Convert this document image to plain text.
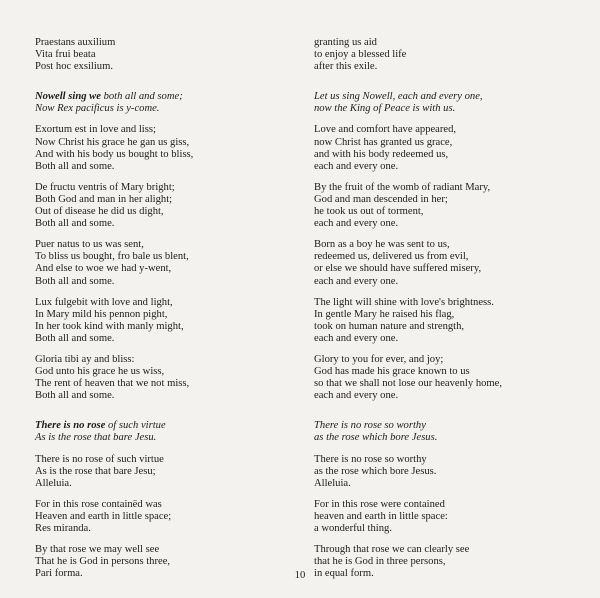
Praestans auxilium
Vita frui beata
Post hoc exsilium.
Nowell sing we both all and some;
Now Rex pacificus is y-come.
Exortum est in love and liss;
Now Christ his grace he gan us giss,
And with his body us bought to bliss,
Both all and some.
De fructu ventris of Mary bright;
Both God and man in her alight;
Out of disease he did us dight,
Both all and some.
Puer natus to us was sent,
To bliss us bought, fro bale us blent,
And else to woe we had y-went,
Both all and some.
Lux fulgebit with love and light,
In Mary mild his pennon pight,
In her took kind with manly might,
Both all and some.
Gloria tibi ay and bliss:
God unto his grace he us wiss,
The rent of heaven that we not miss,
Both all and some.
There is no rose of such virtue
As is the rose that bare Jesu.
There is no rose of such virtue
As is the rose that bare Jesu;
Alleluia.
For in this rose containëd was
Heaven and earth in little space;
Res miranda.
By that rose we may well see
That he is God in persons three,
Pari forma.
granting us aid
to enjoy a blessed life
after this exile.
Let us sing Nowell, each and every one,
now the King of Peace is with us.
Love and comfort have appeared,
now Christ has granted us grace,
and with his body redeemed us,
each and every one.
By the fruit of the womb of radiant Mary,
God and man descended in her;
he took us out of torment,
each and every one.
Born as a boy he was sent to us,
redeemed us, delivered us from evil,
or else we should have suffered misery,
each and every one.
The light will shine with love's brightness.
In gentle Mary he raised his flag,
took on human nature and strength,
each and every one.
Glory to you for ever, and joy;
God has made his grace known to us
so that we shall not lose our heavenly home,
each and every one.
There is no rose so worthy
as the rose which bore Jesus.
There is no rose so worthy
as the rose which bore Jesus.
Alleluia.
For in this rose were contained
heaven and earth in little space:
a wonderful thing.
Through that rose we can clearly see
that he is God in three persons,
in equal form.
10
